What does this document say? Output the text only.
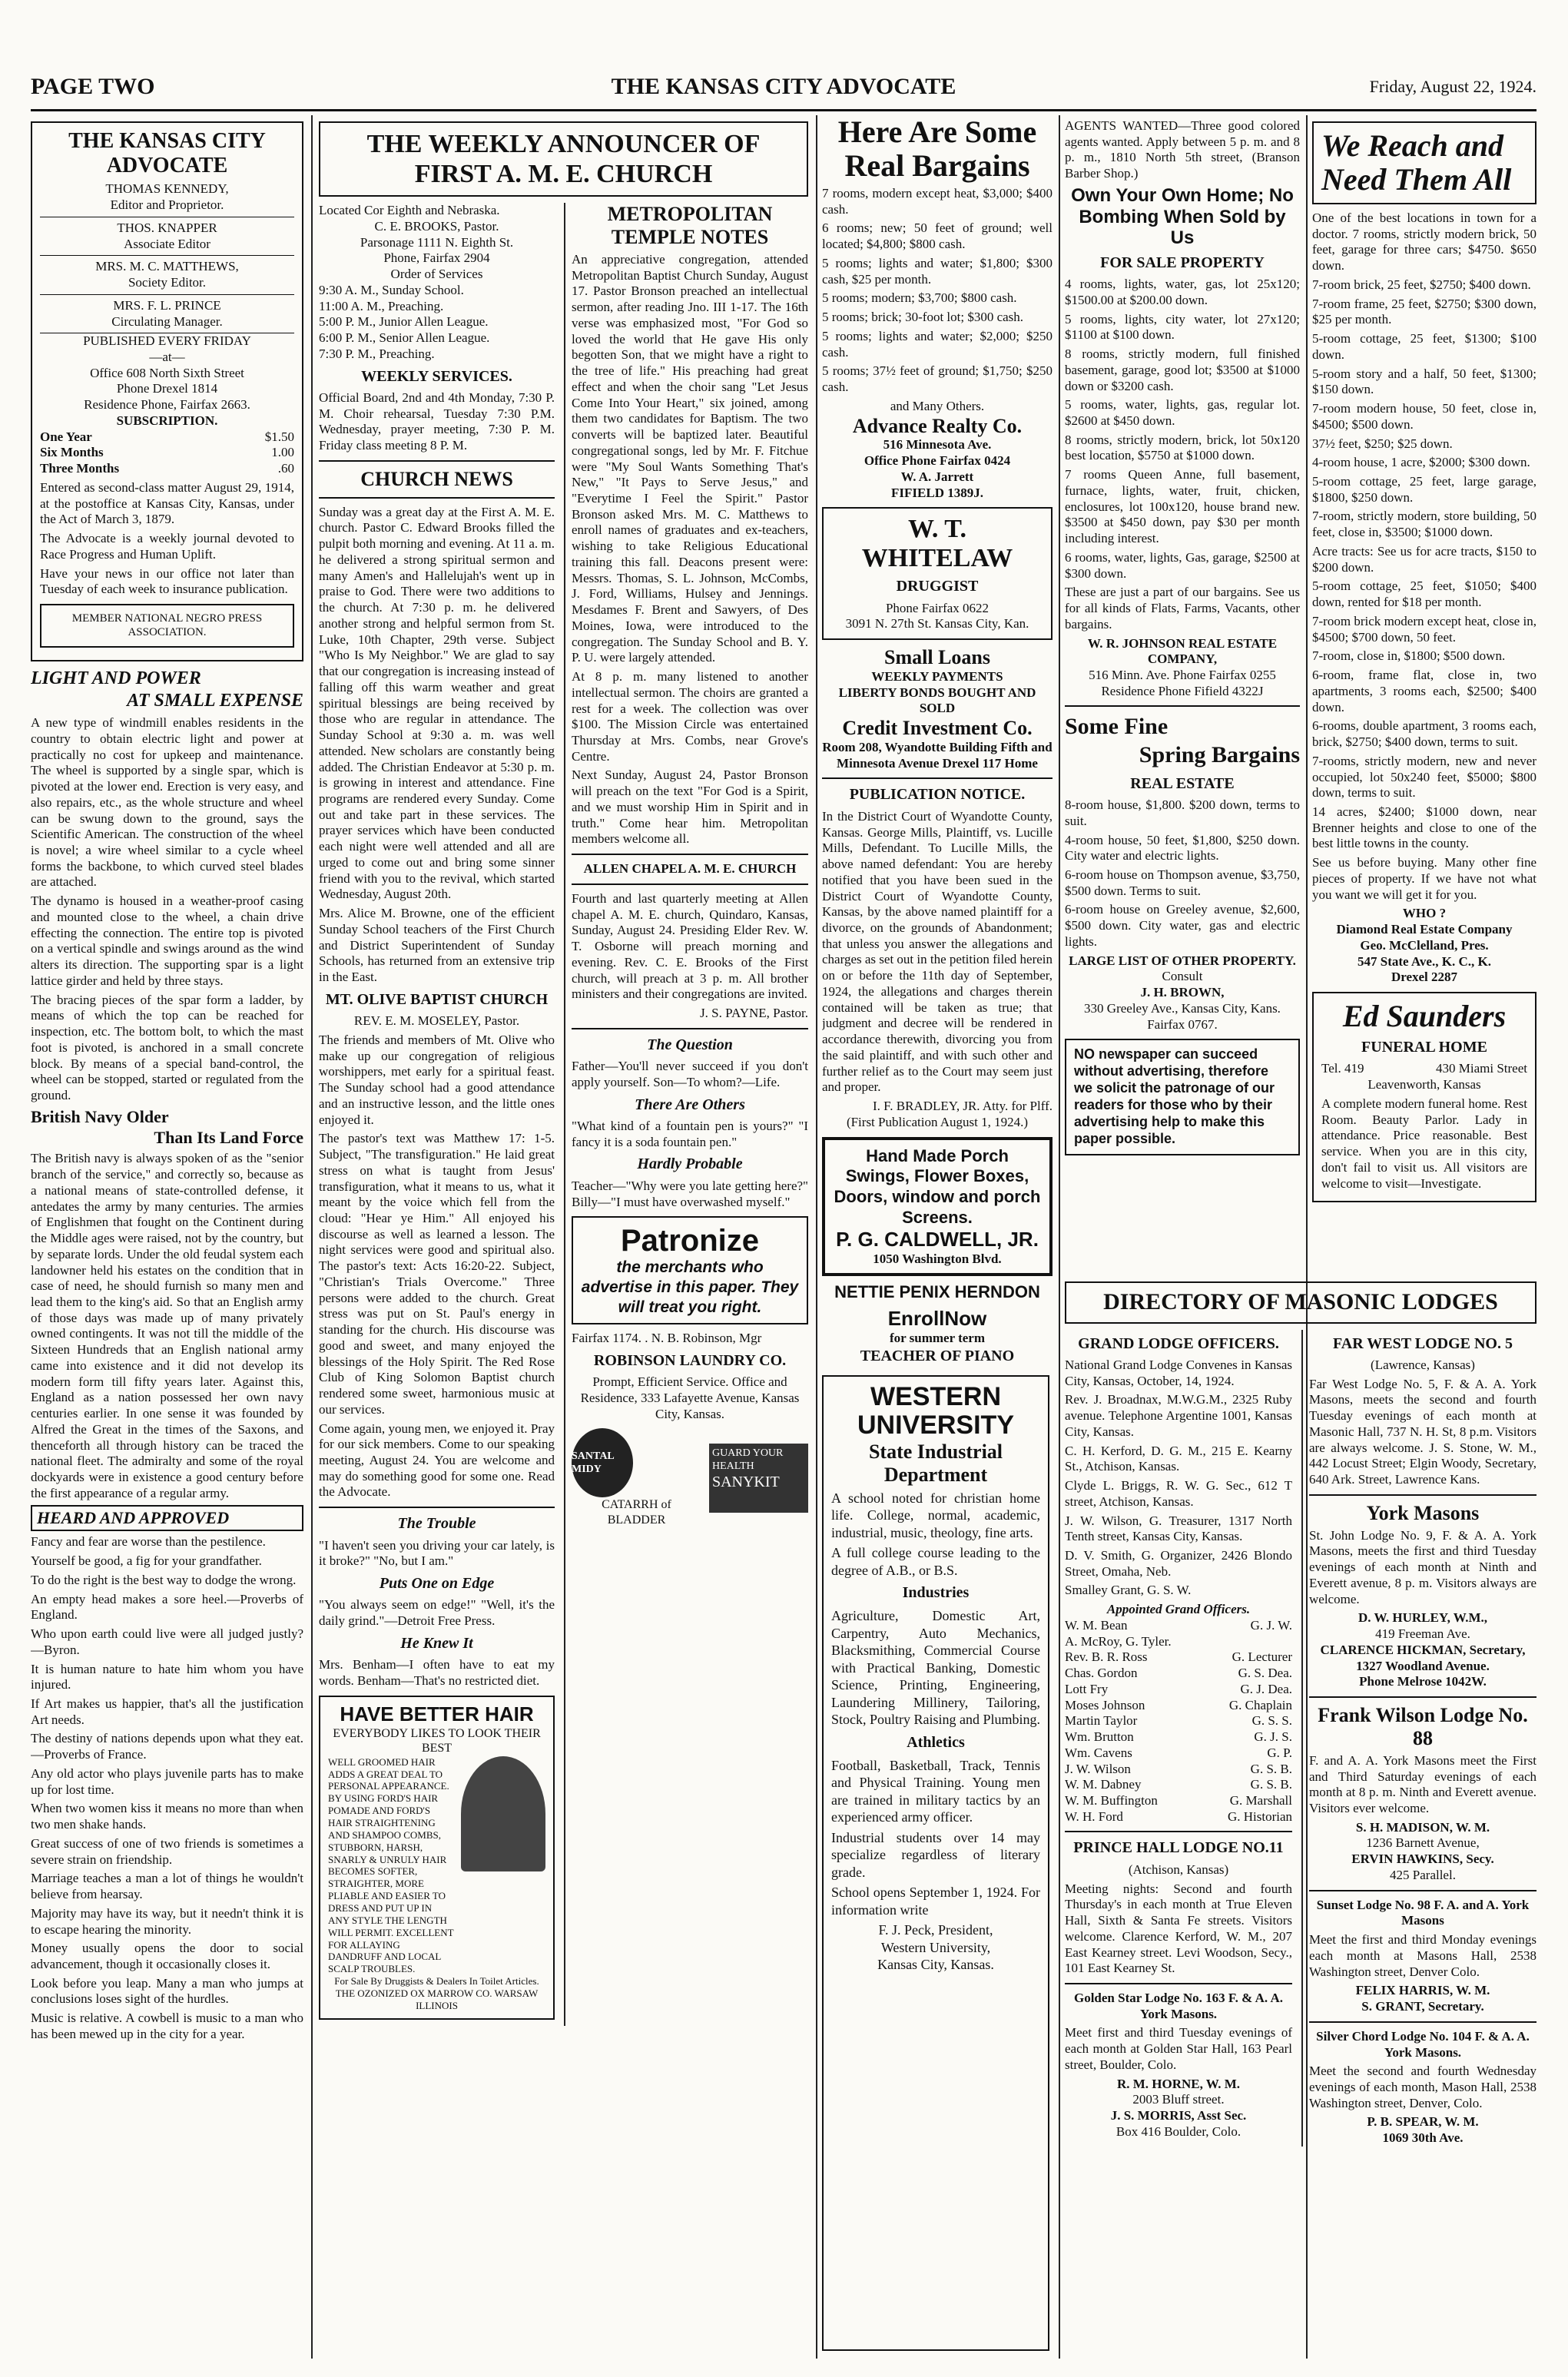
PAGE TWO	THE KANSAS CITY ADVOCATE	Friday, August 22, 1924.
THE KANSAS CITY ADVOCATE
THOMAS KENNEDY,
Editor and Proprietor.
THOS. KNAPPER
Associate Editor
MRS. M. C. MATTHEWS,
Society Editor.
MRS. F. L. PRINCE
Circulating Manager.
PUBLISHED EVERY FRIDAY
—at—
Office 608 North Sixth Street
Phone Drexel 1814
Residence Phone, Fairfax 2663.
SUBSCRIPTION.
One Year	$1.50
Six Months	1.00
Three Months	.60

Entered as second-class matter August 29, 1914, at the postoffice at Kansas City, Kansas, under the Act of March 3, 1879.

The Advocate is a weekly journal devoted to Race Progress and Human Uplift.

Have your news in our office not later than Tuesday of each week to insurance publication.

MEMBER NATIONAL NEGRO PRESS ASSOCIATION.
LIGHT AND POWER
AT SMALL EXPENSE

A new type of windmill enables residents in the country to obtain electric light and power at practically no cost for upkeep and maintenance. The wheel is supported by a single spar, which is pivoted at the lower end. Erection is very easy, and also repairs, etc., as the whole structure and wheel can be swung down to the ground, says the Scientific American. The construction of the wheel is novel; a wire wheel similar to a cycle wheel forms the backbone, to which curved steel blades are attached.

The dynamo is housed in a weather-proof casing and mounted close to the wheel, a chain drive effecting the connection. The entire top is pivoted on a vertical spindle and swings around as the wind alters its direction. The supporting spar is a light lattice girder and held by three stays.

The bracing pieces of the spar form a ladder, by means of which the top can be reached for inspection, etc. The bottom bolt, to which the mast foot is pivoted, is anchored in a small concrete block. By means of a special band-control, the wheel can be stopped, started or regulated from the ground.

British Navy Older
Than Its Land Force

The British navy is always spoken of as the "senior branch of the service," and correctly so, because as a national means of state-controlled defense, it antedates the army by many centuries. The armies of Englishmen that fought on the Continent during the Middle ages were raised, not by the country, but by separate lords. Under the old feudal system each landowner held his estates on the condition that in case of need, he should furnish so many men and lead them to the king's aid. So that an English army of those days was made up of many privately owned contingents. It was not till the middle of the Sixteen Hundreds that an English national army came into existence and it did not develop its modern form till fifty years later. Against this, England as a nation possessed her own navy centuries earlier. In one sense it was founded by Alfred the Great in the times of the Saxons, and thenceforth all through history can be traced the national fleet. The admiralty and some of the royal dockyards were in existence a good century before the first appearance of a regular army.

HEARD AND APPROVED

Fancy and fear are worse than the pestilence.

Yourself be good, a fig for your grandfather.

To do the right is the best way to dodge the wrong.

An empty head makes a sore heel.—Proverbs of England.

Who upon earth could live were all judged justly?—Byron.

It is human nature to hate him whom you have injured.

If Art makes us happier, that's all the justification Art needs.

The destiny of nations depends upon what they eat.—Proverbs of France.

Any old actor who plays juvenile parts has to make up for lost time.

When two women kiss it means no more than when two men shake hands.

Great success of one of two friends is sometimes a severe strain on friendship.

Marriage teaches a man a lot of things he wouldn't believe from hearsay.

Majority may have its way, but it needn't think it is to escape hearing the minority.

Money usually opens the door to social advancement, though it occasionally closes it.

Look before you leap. Many a man who jumps at conclusions loses sight of the hurdles.

Music is relative. A cowbell is music to a man who has been mewed up in the city for a year.

THE WEEKLY ANNOUNCER OF FIRST A. M. E. CHURCH
Located Cor Eighth and Nebraska.
C. E. BROOKS, Pastor.
Parsonage 1111 N. Eighth St.
Phone, Fairfax 2904
Order of Services
9:30 A. M., Sunday School.
11:00 A. M., Preaching.
5:00 P. M., Junior Allen League.
6:00 P. M., Senior Allen League.
7:30 P. M., Preaching.
WEEKLY SERVICES.

Official Board, 2nd and 4th Monday, 7:30 P. M. Choir rehearsal, Tuesday 7:30 P.M. Wednesday, prayer meeting, 7:30 P. M. Friday class meeting 8 P. M.

CHURCH NEWS

Sunday was a great day at the First A. M. E. church. Pastor C. Edward Brooks filled the pulpit both morning and evening. At 11 a. m. he delivered a strong spiritual sermon and many Amen's and Hallelujah's went up in praise to God. There were two additions to the church. At 7:30 p. m. he delivered another strong and helpful sermon from St. Luke, 10th Chapter, 29th verse. Subject "Who Is My Neighbor." We are glad to say that our congregation is increasing instead of falling off this warm weather and great spiritual blessings are being received by those who are regular in attendance. The Sunday School at 9:30 a. m. was well attended. New scholars are constantly being added. The Christian Endeavor at 5:30 p. m. is growing in interest and attendance. Fine programs are rendered every Sunday. Come out and take part in these services. The prayer services which have been conducted each night were well attended and all are urged to come out and bring some sinner friend with you to the revival, which started Wednesday, August 20th.

Mrs. Alice M. Browne, one of the efficient Sunday School teachers of the First Church and District Superintendent of Sunday Schools, has returned from an extensive trip in the East.

MT. OLIVE BAPTIST CHURCH
REV. E. M. MOSELEY, Pastor.

The friends and members of Mt. Olive who make up our congregation of religious worshippers, met early for a spiritual feast. The Sunday school had a good attendance and an instructive lesson, and the little ones enjoyed it.

The pastor's text was Matthew 17: 1-5. Subject, "The transfiguration." He laid great stress on what is taught from Jesus' transfiguration, what it means to us, what it meant by the voice which fell from the cloud: "Hear ye Him." All enjoyed his discourse as well as learned a lesson. The night services were good and spiritual also. The pastor's text: Acts 16:20-22. Subject, "Christian's Trials Overcome." Three persons were added to the church. Great stress was put on St. Paul's energy in standing for the church. His discourse was good and sweet, and many enjoyed the blessings of the Holy Spirit. The Red Rose Club of King Solomon Baptist church rendered some sweet, harmonious music at our services.

Come again, young men, we enjoyed it. Pray for our sick members. Come to our speaking meeting, August 24. You are welcome and may do something good for some one. Read the Advocate.

The Trouble

"I haven't seen you driving your car lately, is it broke?" "No, but I am."

Puts One on Edge

"You always seem on edge!" "Well, it's the daily grind."—Detroit Free Press.

He Knew It

Mrs. Benham—I often have to eat my words. Benham—That's no restricted diet.

HAVE BETTER HAIR
EVERYBODY LIKES TO LOOK THEIR BEST
WELL GROOMED HAIR ADDS A GREAT DEAL TO PERSONAL APPEARANCE. BY USING FORD'S HAIR POMADE AND FORD'S HAIR STRAIGHTENING AND SHAMPOO COMBS, STUBBORN, HARSH, SNARLY & UNRULY HAIR BECOMES SOFTER, STRAIGHTER, MORE PLIABLE AND EASIER TO DRESS AND PUT UP IN ANY STYLE THE LENGTH WILL PERMIT. EXCELLENT FOR ALLAYING DANDRUFF AND LOCAL SCALP TROUBLES.
For Sale By Druggists & Dealers In Toilet Articles. THE OZONIZED OX MARROW CO. WARSAW ILLINOIS
METROPOLITAN TEMPLE NOTES

An appreciative congregation, attended Metropolitan Baptist Church Sunday, August 17. Pastor Bronson preached an intellectual sermon, after reading Jno. III 1-17. The 16th verse was emphasized most, "For God so loved the world that He gave His only begotten Son, that we might have a right to the tree of life." His preaching had great effect and when the choir sang "Let Jesus Come Into Your Heart," six joined, among them two candidates for Baptism. The two converts will be baptized later. Beautiful congregational songs, led by Mr. F. Fitchue were "My Soul Wants Something That's New," "It Pays to Serve Jesus," and "Everytime I Feel the Spirit." Pastor Bronson asked Mrs. M. C. Matthews to enroll names of graduates and ex-teachers, wishing to take Religious Educational training this fall. Deacons present were: Messrs. Thomas, S. L. Johnson, McCombs, J. Ford, Williams, Hulsey and Jennings. Mesdames F. Brent and Sawyers, of Des Moines, Iowa, were introduced to the congregation. The Sunday School and B. Y. P. U. were largely attended.

At 8 p. m. many listened to another intellectual sermon. The choirs are granted a rest for a week. The collection was over $100. The Mission Circle was entertained Thursday at Mrs. Combs, near Grove's Centre.

Next Sunday, August 24, Pastor Bronson will preach on the text "For God is a Spirit, and we must worship Him in Spirit and in truth." Come hear him. Metropolitan members welcome all.

ALLEN CHAPEL A. M. E. CHURCH

Fourth and last quarterly meeting at Allen chapel A. M. E. church, Quindaro, Kansas, Sunday, August 24. Presiding Elder Rev. W. T. Osborne will preach morning and evening. Rev. C. E. Brooks of the First church, will preach at 3 p. m. All brother ministers and their congregations are invited.

J. S. PAYNE, Pastor.
The Question

Father—You'll never succeed if you don't apply yourself. Son—To whom?—Life.

There Are Others

"What kind of a fountain pen is yours?" "I fancy it is a soda fountain pen."

Hardly Probable

Teacher—"Why were you late getting here?" Billy—"I must have overwashed myself."

Patronize
the merchants who advertise in this paper. They will treat you right.
Fairfax 1174. . N. B. Robinson, Mgr
ROBINSON LAUNDRY CO.
Prompt, Efficient Service. Office and Residence, 333 Lafayette Avenue, Kansas City, Kansas.
SANTAL MIDY
CATARRH of BLADDER
GUARD YOUR HEALTH
SANYKIT
Here Are Some Real Bargains

7 rooms, modern except heat, $3,000; $400 cash.

6 rooms; new; 50 feet of ground; well located; $4,800; $800 cash.

5 rooms; lights and water; $1,800; $300 cash, $25 per month.

5 rooms; modern; $3,700; $800 cash.

5 rooms; brick; 30-foot lot; $300 cash.

5 rooms; lights and water; $2,000; $250 cash.

5 rooms; 37½ feet of ground; $1,750; $250 cash.

and Many Others.
Advance Realty Co.
516 Minnesota Ave.
Office Phone Fairfax 0424
W. A. Jarrett
FIFIELD 1389J.
W. T. WHITELAW
DRUGGIST
Phone Fairfax 0622
3091 N. 27th St. Kansas City, Kan.
Small Loans
WEEKLY PAYMENTS
LIBERTY BONDS BOUGHT AND SOLD
Credit Investment Co.
Room 208, Wyandotte Building Fifth and Minnesota Avenue Drexel 117 Home
PUBLICATION NOTICE.

In the District Court of Wyandotte County, Kansas. George Mills, Plaintiff, vs. Lucille Mills, Defendant. To Lucille Mills, the above named defendant: You are hereby notified that you have been sued in the District Court of Wyandotte County, Kansas, by the above named plaintiff for a divorce, on the grounds of Abandonment; that unless you answer the allegations and charges as set out in the petition filed herein on or before the 11th day of September, 1924, the allegations and charges therein contained will be taken as true; that judgment and decree will be rendered in accordance therewith, divorcing you from the said plaintiff, and with such other and further relief as to the Court may seem just and proper.

I. F. BRADLEY, JR. Atty. for Plff.
(First Publication August 1, 1924.)
Hand Made Porch Swings, Flower Boxes, Doors, window and porch Screens.
P. G. CALDWELL, JR.
1050 Washington Blvd.
NETTIE PENIX HERNDON
EnrollNow
for summer term
TEACHER OF PIANO

AGENTS WANTED—Three good colored agents wanted. Apply between 5 p. m. and 8 p. m., 1810 North 5th street, (Branson Barber Shop.)

Own Your Own Home; No Bombing When Sold by Us
FOR SALE PROPERTY

4 rooms, lights, water, gas, lot 25x120; $1500.00 at $200.00 down.

5 rooms, lights, city water, lot 27x120; $1100 at $100 down.

8 rooms, strictly modern, full finished basement, garage, good lot; $3500 at $1000 down or $3200 cash.

5 rooms, water, lights, gas, regular lot. $2600 at $450 down.

8 rooms, strictly modern, brick, lot 50x120 best location, $5750 at $1000 down.

7 rooms Queen Anne, full basement, furnace, lights, water, fruit, chicken, enclosures, lot 100x120, house brand new. $3500 at $450 down, pay $30 per month including interest.

6 rooms, water, lights, Gas, garage, $2500 at $300 down.

These are just a part of our bargains. See us for all kinds of Flats, Farms, Vacants, other bargains.

W. R. JOHNSON REAL ESTATE COMPANY,
516 Minn. Ave. Phone Fairfax 0255
Residence Phone Fifield 4322J
Some Fine
Spring Bargains
REAL ESTATE

8-room house, $1,800. $200 down, terms to suit.

4-room house, 50 feet, $1,800, $250 down. City water and electric lights.

6-room house on Thompson avenue, $3,750, $500 down. Terms to suit.

6-room house on Greeley avenue, $2,600, $500 down. City water, gas and electric lights.

LARGE LIST OF OTHER PROPERTY.
Consult
J. H. BROWN,
330 Greeley Ave., Kansas City, Kans.
Fairfax 0767.
NO newspaper can succeed without advertising, therefore we solicit the patronage of our readers for those who by their advertising help to make this paper possible.
We Reach and Need Them All

One of the best locations in town for a doctor. 7 rooms, strictly modern brick, 50 feet, garage for three cars; $4750. $650 down.

7-room brick, 25 feet, $2750; $400 down.

7-room frame, 25 feet, $2750; $300 down, $25 per month.

5-room cottage, 25 feet, $1300; $100 down.

5-room story and a half, 50 feet, $1300; $150 down.

7-room modern house, 50 feet, close in, $4500; $500 down.

37½ feet, $250; $25 down.

4-room house, 1 acre, $2000; $300 down.

5-room cottage, 25 feet, large garage, $1800, $250 down.

7-room, strictly modern, store building, 50 feet, close in, $3500; $1000 down.

Acre tracts: See us for acre tracts, $150 to $200 down.

5-room cottage, 25 feet, $1050; $400 down, rented for $18 per month.

7-room brick modern except heat, close in, $4500; $700 down, 50 feet.

7-room, close in, $1800; $500 down.

6-room, frame flat, close in, two apartments, 3 rooms each, $2500; $400 down.

6-rooms, double apartment, 3 rooms each, brick, $2750; $400 down, terms to suit.

7-rooms, strictly modern, new and never occupied, lot 50x240 feet, $5000; $800 down, terms to suit.

14 acres, $2400; $1000 down, near Brenner heights and close to one of the best little towns in the county.

See us before buying. Many other fine pieces of property. If we have not what you want we will get it for you.

WHO ?
Diamond Real Estate Company
Geo. McClelland, Pres.
547 State Ave., K. C., K.
Drexel 2287
Ed Saunders
FUNERAL HOME
Tel. 419	430 Miami Street
Leavenworth, Kansas

A complete modern funeral home. Rest Room. Beauty Parlor. Lady in attendance. Price reasonable. Best service. When you are in this city, don't fail to visit us. All visitors are welcome to visit—Investigate.

DIRECTORY OF MASONIC LODGES
GRAND LODGE OFFICERS.

National Grand Lodge Convenes in Kansas City, Kansas, October, 14, 1924.

Rev. J. Broadnax, M.W.G.M., 2325 Ruby avenue. Telephone Argentine 1001, Kansas City, Kansas.

C. H. Kerford, D. G. M., 215 E. Kearny St., Atchison, Kansas.

Clyde L. Briggs, R. W. G. Sec., 612 T street, Atchison, Kansas.

J. W. Wilson, G. Treasurer, 1317 North Tenth street, Kansas City, Kansas.

D. V. Smith, G. Organizer, 2426 Blondo Street, Omaha, Neb.

Smalley Grant, G. S. W.

Appointed Grand Officers.
W. M. Bean	G. J. W.
A. McRoy, G. Tyler.
Rev. B. R. Ross	G. Lecturer
Chas. Gordon	G. S. Dea.
Lott Fry	G. J. Dea.
Moses Johnson	G. Chaplain
Martin Taylor	G. S. S.
Wm. Brutton	G. J. S.
Wm. Cavens	G. P.
J. W. Wilson	G. S. B.
W. M. Dabney	G. S. B.
W. M. Buffington	G. Marshall
W. H. Ford	G. Historian
PRINCE HALL LODGE NO.11
(Atchison, Kansas)

Meeting nights: Second and fourth Thursday's in each month at True Eleven Hall, Sixth & Santa Fe streets. Visitors welcome. Clarence Kerford, W. M., 207 East Kearney street. Levi Woodson, Secy., 101 East Kearney St.

Golden Star Lodge No. 163 F. & A. A. York Masons.

Meet first and third Tuesday evenings of each month at Golden Star Hall, 163 Pearl street, Boulder, Colo.

R. M. HORNE, W. M.
2003 Bluff street.
J. S. MORRIS, Asst Sec.
Box 416 Boulder, Colo.
FAR WEST LODGE NO. 5
(Lawrence, Kansas)

Far West Lodge No. 5, F. & A. A. York Masons, meets the second and fourth Tuesday evenings of each month at Masonic Hall, 737 N. H. St, 8 p.m. Visitors are always welcome. J. S. Stone, W. M., 442 Locust Street; Elgin Woody, Secretary, 640 Ark. Street, Lawrence Kans.

York Masons

St. John Lodge No. 9, F. & A. A. York Masons, meets the first and third Tuesday evenings of each month at Ninth and Everett avenue, 8 p. m. Visitors always are welcome.

D. W. HURLEY, W.M.,
419 Freeman Ave.
CLARENCE HICKMAN, Secretary,
1327 Woodland Avenue.
Phone Melrose 1042W.
Frank Wilson Lodge No. 88

F. and A. A. York Masons meet the First and Third Saturday evenings of each month at 8 p. m. Ninth and Everett avenue. Visitors ever welcome.

S. H. MADISON, W. M.
1236 Barnett Avenue,
ERVIN HAWKINS, Secy.
425 Parallel.
Sunset Lodge No. 98 F. A. and A. York Masons

Meet the first and third Monday evenings each month at Masons Hall, 2538 Washington street, Denver Colo.

FELIX HARRIS, W. M.
S. GRANT, Secretary.
Silver Chord Lodge No. 104 F. & A. A. York Masons.

Meet the second and fourth Wednesday evenings of each month, Mason Hall, 2538 Washington street, Denver, Colo.

P. B. SPEAR, W. M.
1069 30th Ave.
WESTERN UNIVERSITY
State Industrial Department

A school noted for christian home life. College, normal, academic, industrial, music, theology, fine arts.

A full college course leading to the degree of A.B., or B.S.

Industries

Agriculture, Domestic Art, Carpentry, Auto Mechanics, Blacksmithing, Commercial Course with Practical Banking, Domestic Science, Printing, Engineering, Laundering Millinery, Tailoring, Stock, Poultry Raising and Plumbing.

Athletics

Football, Basketball, Track, Tennis and Physical Training. Young men are trained in military tactics by an experienced army officer.

Industrial students over 14 may specialize regardless of literary grade.

School opens September 1, 1924. For information write

F. J. Peck, President,
Western University,
Kansas City, Kansas.
